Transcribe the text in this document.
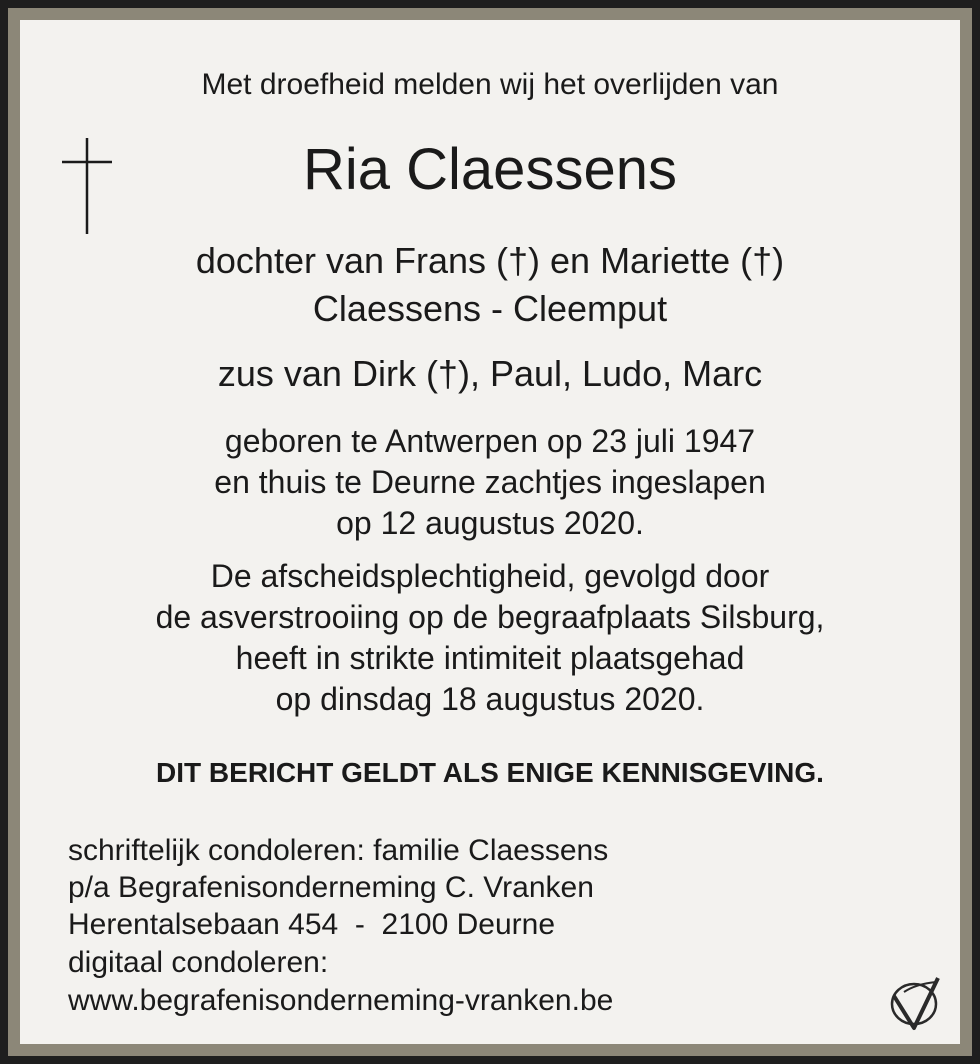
Met droefheid melden wij het overlijden van
Ria Claessens
dochter van Frans (†) en Mariette (†)
Claessens - Cleemput
zus van Dirk (†), Paul, Ludo, Marc
geboren te Antwerpen op 23 juli 1947
en thuis te Deurne zachtjes ingeslapen
op 12 augustus 2020.
De afscheidsplechtigheid, gevolgd door
de asverstrooiing op de begraafplaats Silsburg,
heeft in strikte intimiteit plaatsgehad
op dinsdag 18 augustus 2020.
DIT BERICHT GELDT ALS ENIGE KENNISGEVING.
schriftelijk condoleren: familie Claessens
p/a Begrafenisonderneming C. Vranken
Herentalsebaan 454  -  2100 Deurne
digitaal condoleren:
www.begrafenisonderneming-vranken.be
